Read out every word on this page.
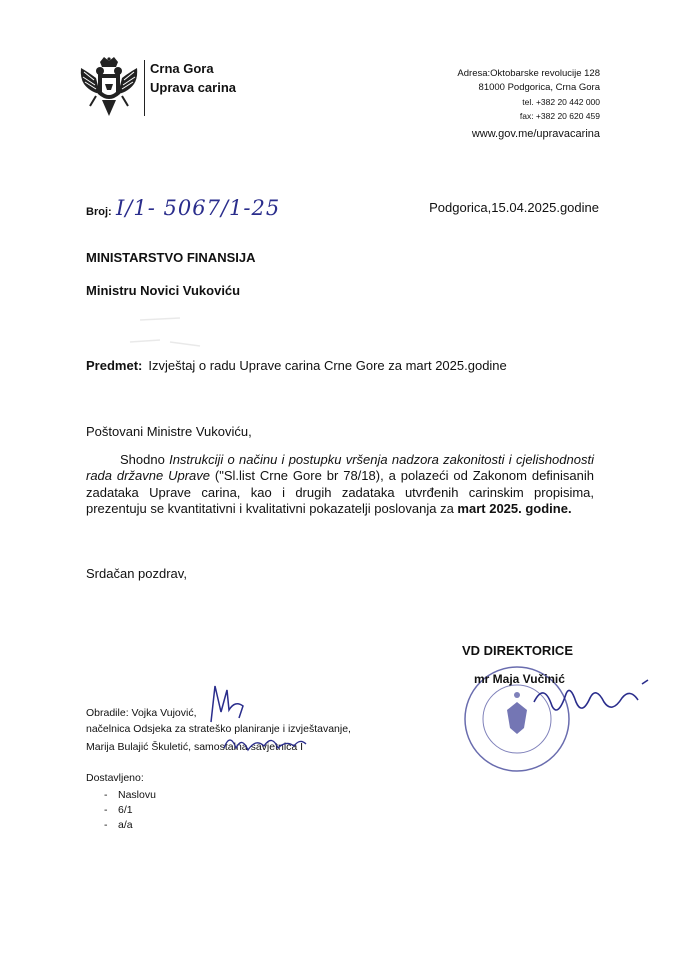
Crna Gora
Uprava carina
Adresa:Oktobarske revolucije 128
81000 Podgorica, Crna Gora
tel. +382 20 442 000
fax: +382 20 620 459
www.gov.me/upravacarina
Broj: I/1- 5067/1-25	Podgorica,15.04.2025.godine
MINISTARSTVO FINANSIJA
Ministru Novici Vukoviću
Predmet: Izvještaj o radu Uprave carina Crne Gore za mart 2025.godine
Poštovani Ministre Vukoviću,
Shodno Instrukciji o načinu i postupku vršenja nadzora zakonitosti i cjelishodnosti rada državne Uprave ("Sl.list Crne Gore br 78/18), a polazeći od Zakonom definisanih zadataka Uprave carina, kao i drugih zadataka utvrđenih carinskim propisima, prezentuju se kvantitativni i kvalitativni pokazatelji poslovanja za mart 2025. godine.
Srdačan pozdrav,
VD DIREKTORICE
mr Maja Vučinić
Obradile: Vojka Vujović,
načelnica Odsjeka za strateško planiranje i izvještavanje,
Marija Bulajić Škuletić, samostalna savjetnica I
Dostavljeno:
- Naslovu
- 6/1
- a/a
